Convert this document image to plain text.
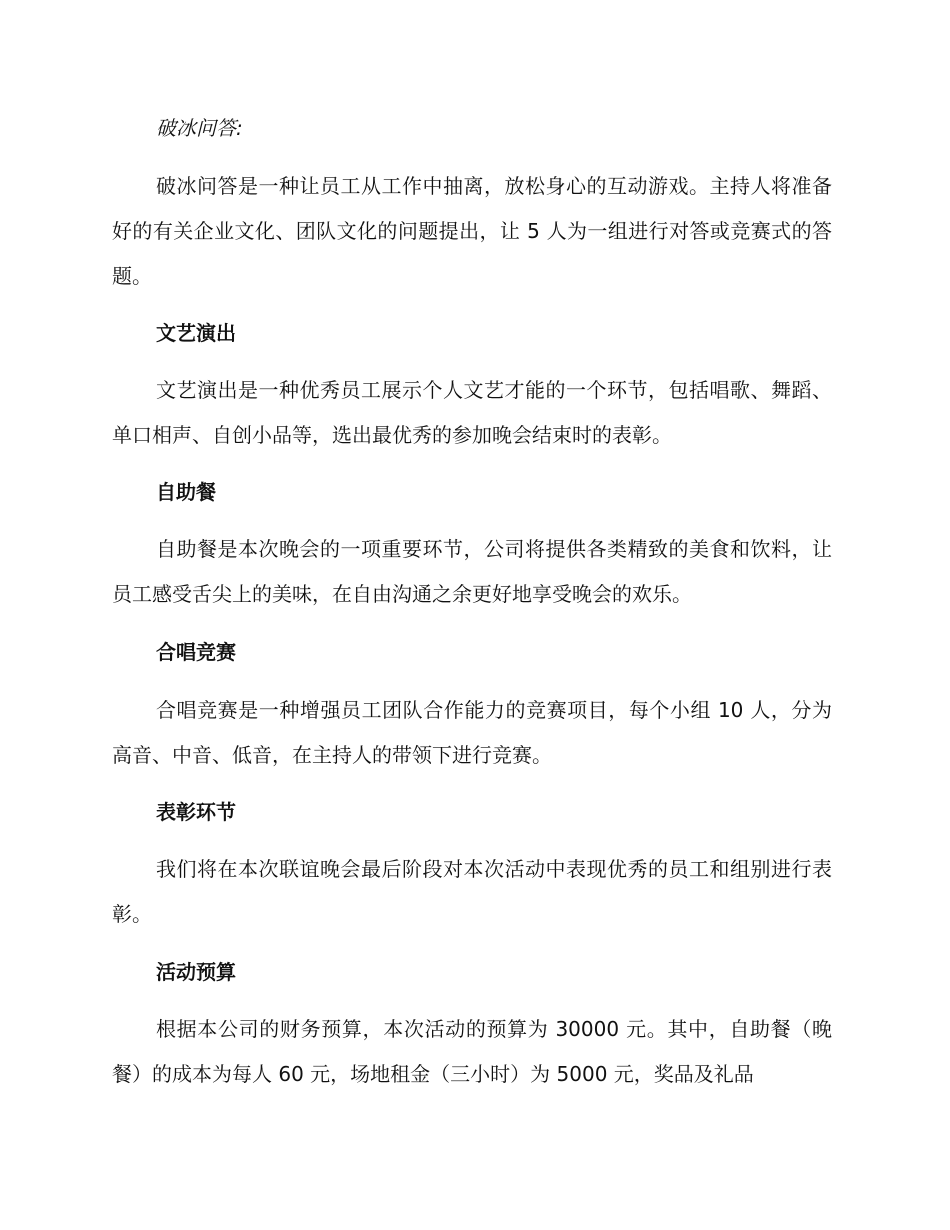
破冰问答:

破冰问答是一种让员工从工作中抽离，放松身心的互动游戏。主持人将准备好的有关企业文化、团队文化的问题提出，让 5 人为一组进行对答或竞赛式的答题。

文艺演出

文艺演出是一种优秀员工展示个人文艺才能的一个环节，包括唱歌、舞蹈、单口相声、自创小品等，选出最优秀的参加晚会结束时的表彰。

自助餐

自助餐是本次晚会的一项重要环节，公司将提供各类精致的美食和饮料，让员工感受舌尖上的美味，在自由沟通之余更好地享受晚会的欢乐。

合唱竞赛

合唱竞赛是一种增强员工团队合作能力的竞赛项目，每个小组 10 人，分为高音、中音、低音，在主持人的带领下进行竞赛。

表彰环节

我们将在本次联谊晚会最后阶段对本次活动中表现优秀的员工和组别进行表彰。

活动预算

根据本公司的财务预算，本次活动的预算为 30000 元。其中，自助餐（晚餐）的成本为每人 60 元，场地租金（三小时）为 5000 元，奖品及礼品
